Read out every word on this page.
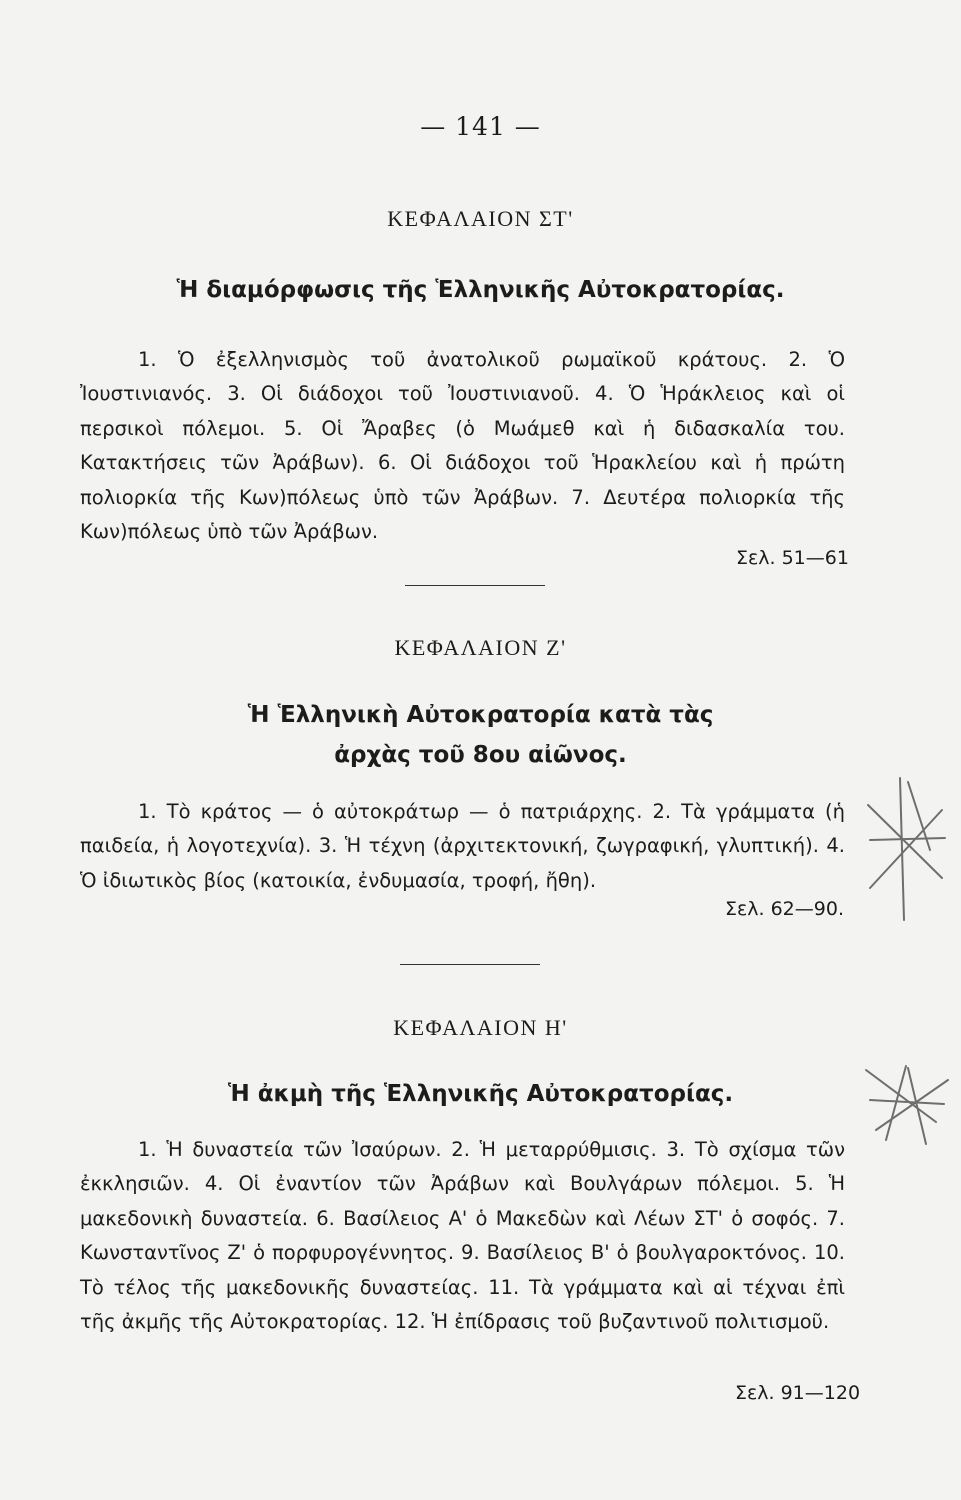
— 141 —
ΚΕΦΑΛΑΙΟΝ ΣΤ'
Ἡ διαμόρφωσις τῆς Ἑλληνικῆς Αὐτοκρατορίας.
1. Ὁ ἐξελληνισμὸς τοῦ ἀνατολικοῦ ρωμαϊκοῦ κράτους. 2. Ὁ Ἰουστινιανός. 3. Οἱ διάδοχοι τοῦ Ἰουστινιανοῦ. 4. Ὁ Ἡράκλειος καὶ οἱ περσικοὶ πόλεμοι. 5. Οἱ Ἄραβες (ὁ Μωάμεθ καὶ ἡ διδασκαλία του. Κατακτήσεις τῶν Ἀράβων). 6. Οἱ διάδοχοι τοῦ Ἡρακλείου καὶ ἡ πρώτη πολιορκία τῆς Κων)πόλεως ὑπὸ τῶν Ἀράβων. 7. Δευτέρα πολιορκία τῆς Κων)πόλεως ὑπὸ τῶν Ἀράβων.
Σελ. 51—61
ΚΕΦΑΛΑΙΟΝ Ζ'
Ἡ Ἑλληνικὴ Αὐτοκρατορία κατὰ τὰς
ἀρχὰς τοῦ 8ου αἰῶνος.
1. Τὸ κράτος — ὁ αὐτοκράτωρ — ὁ πατριάρχης. 2. Τὰ γράμματα (ἡ παιδεία, ἡ λογοτεχνία). 3. Ἡ τέχνη (ἀρχιτεκτονική, ζωγραφική, γλυπτική). 4. Ὁ ἰδιωτικὸς βίος (κατοικία, ἐνδυμασία, τροφή, ἤθη).
Σελ. 62—90.
ΚΕΦΑΛΑΙΟΝ Η'
Ἡ ἀκμὴ τῆς Ἑλληνικῆς Αὐτοκρατορίας.
1. Ἡ δυναστεία τῶν Ἰσαύρων. 2. Ἡ μεταρρύθμισις. 3. Τὸ σχίσμα τῶν ἐκκλησιῶν. 4. Οἱ ἐναντίον τῶν Ἀράβων καὶ Βουλγάρων πόλεμοι. 5. Ἡ μακεδονικὴ δυναστεία. 6. Βασίλειος Α' ὁ Μακεδὼν καὶ Λέων ΣΤ' ὁ σοφός. 7. Κωνσταντῖνος Ζ' ὁ πορφυρογέννητος. 9. Βασίλειος Β' ὁ βουλγαροκτόνος. 10. Τὸ τέλος τῆς μακεδονικῆς δυναστείας. 11. Τὰ γράμματα καὶ αἱ τέχναι ἐπὶ τῆς ἀκμῆς τῆς Αὐτοκρατορίας. 12. Ἡ ἐπίδρασις τοῦ βυζαντινοῦ πολιτισμοῦ.
Σελ. 91—120
